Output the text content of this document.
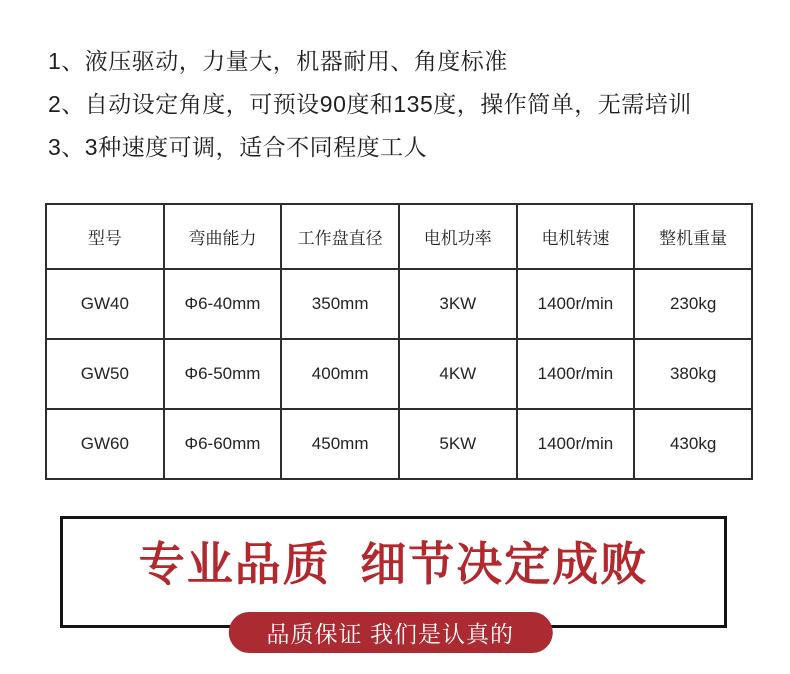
1、液压驱动，力量大，机器耐用、角度标准
2、自动设定角度，可预设90度和135度，操作简单，无需培训
3、3种速度可调，适合不同程度工人
型号	弯曲能力	工作盘直径	电机功率	电机转速	整机重量
GW40	Φ6-40mm	350mm	3KW	1400r/min	230kg
GW50	Φ6-50mm	400mm	4KW	1400r/min	380kg
GW60	Φ6-60mm	450mm	5KW	1400r/min	430kg
专业品质  细节决定成败
品质保证 我们是认真的
